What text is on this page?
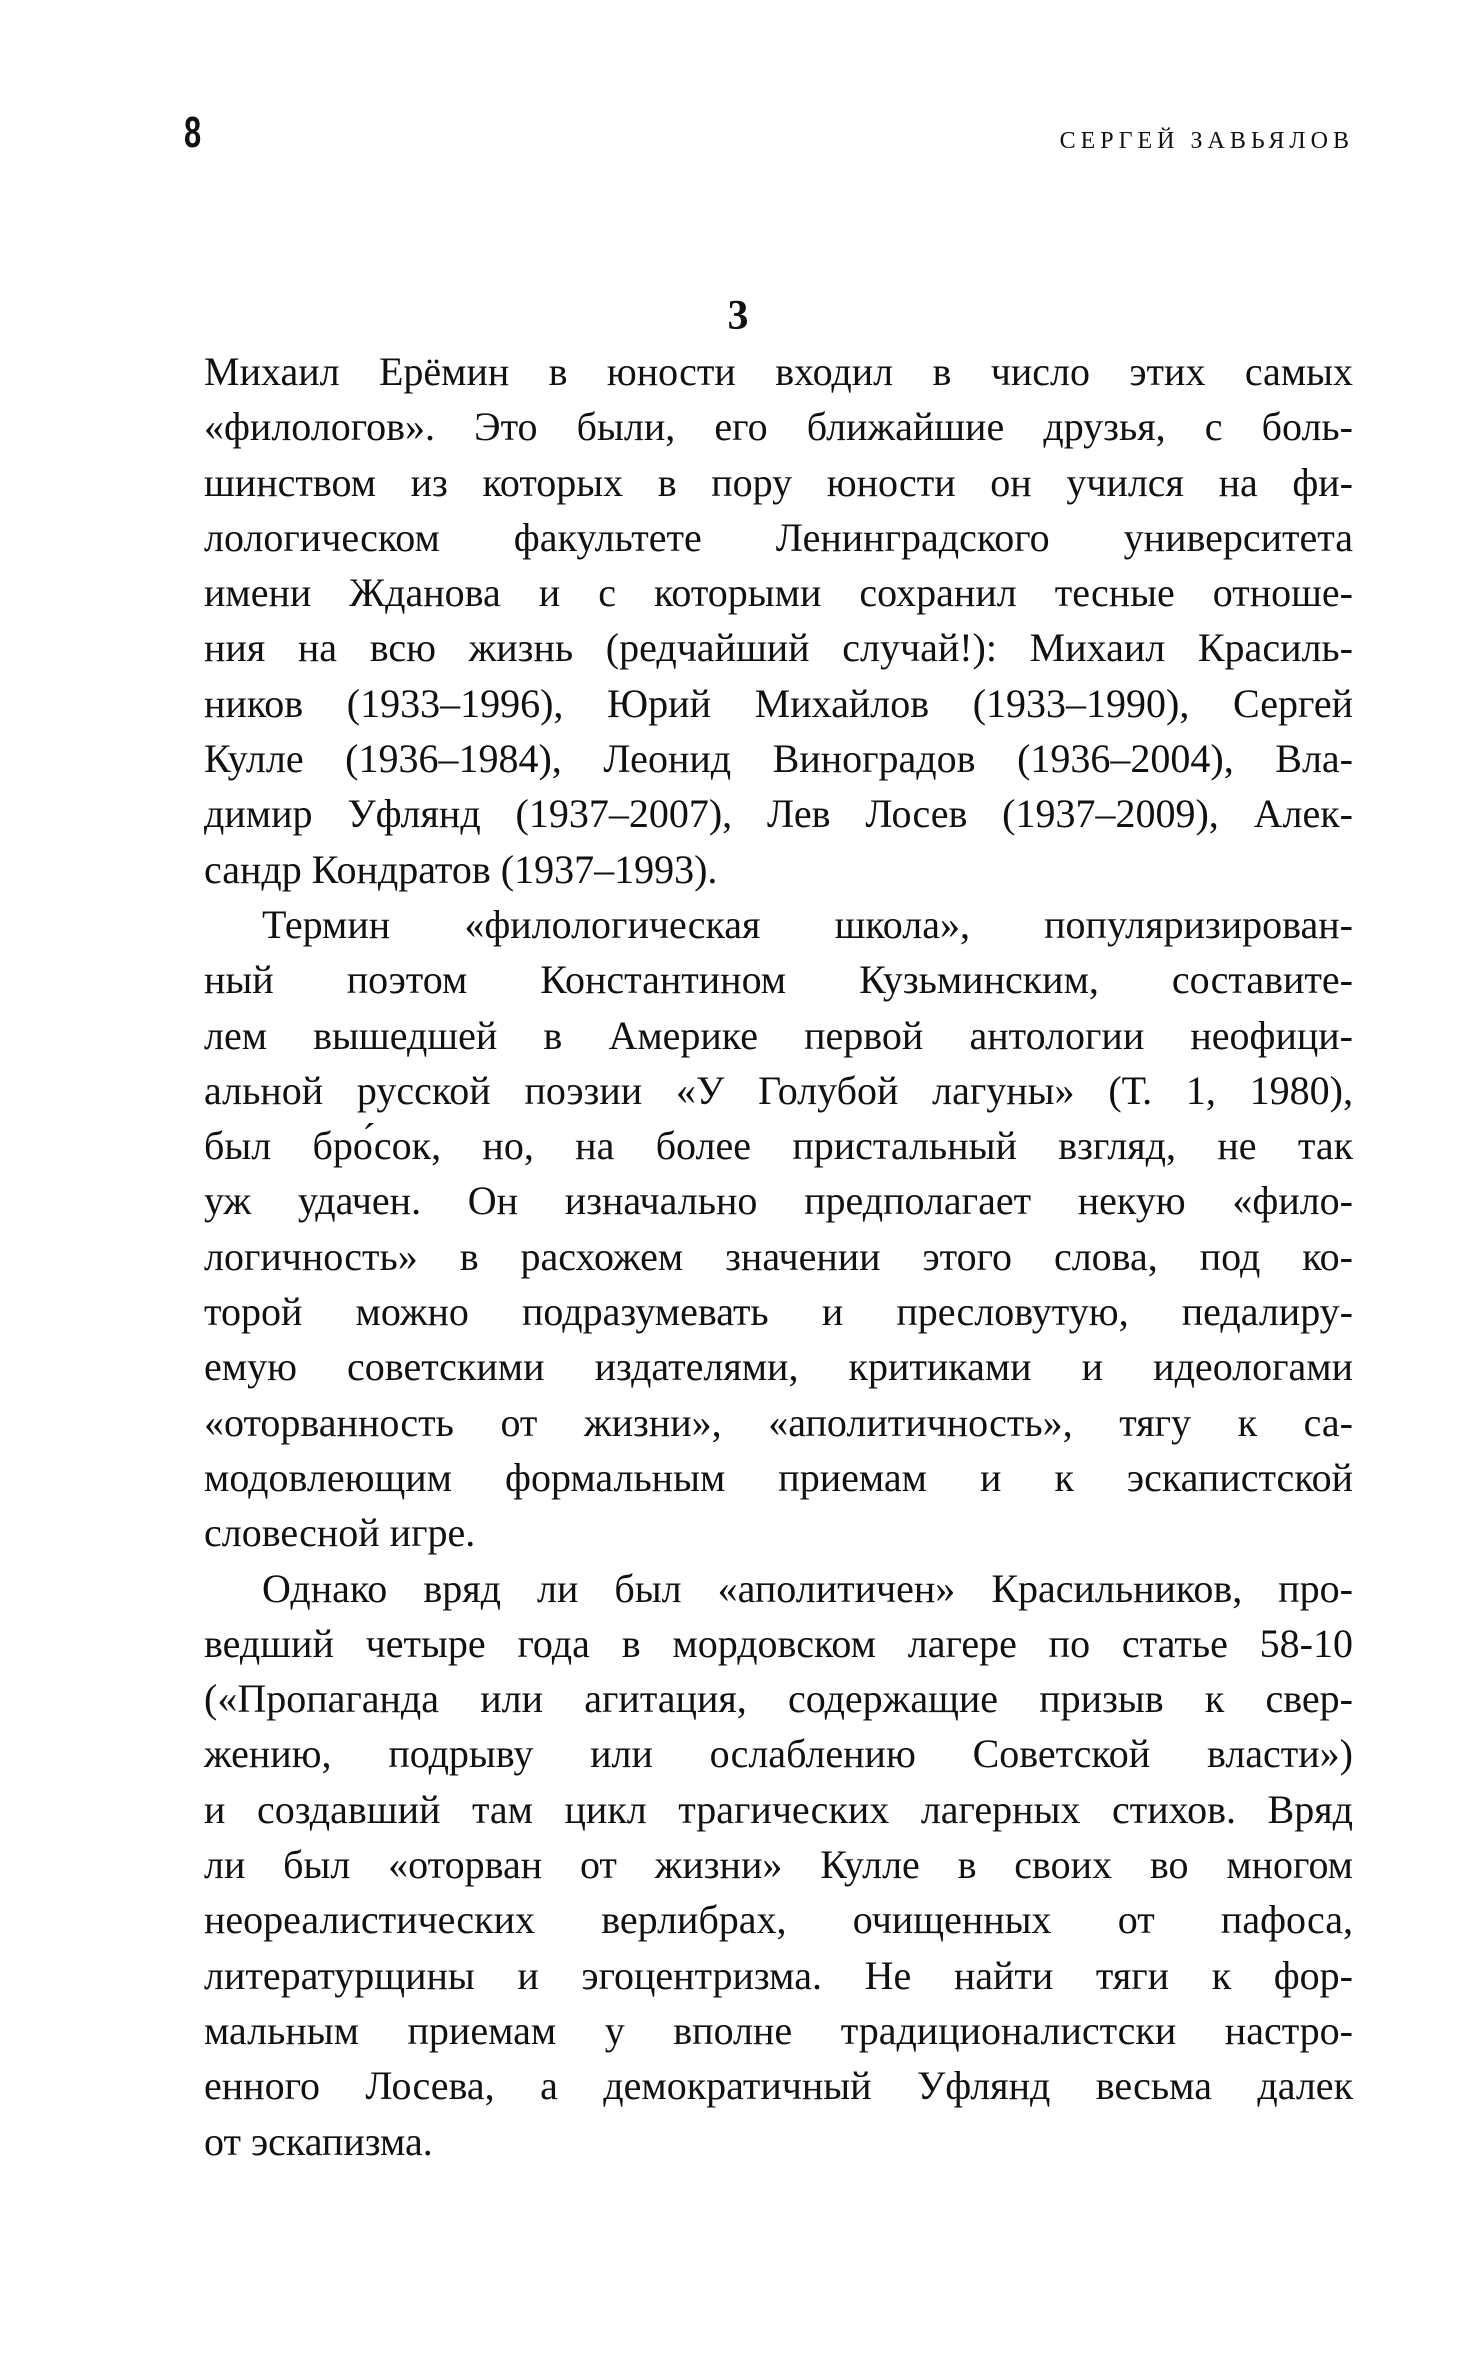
8	СЕРГЕЙ ЗАВЬЯЛОВ
3
Михаил Ерёмин в юности входил в число этих самых
«филологов». Это были, его ближайшие друзья, с боль-
шинством из которых в пору юности он учился на фи-
лологическом факультете Ленинградского университета
имени Жданова и с которыми сохранил тесные отноше-
ния на всю жизнь (редчайший случай!): Михаил Красиль-
ников (1933–1996), Юрий Михайлов (1933–1990), Сергей
Кулле (1936–1984), Леонид Виноградов (1936–2004), Вла-
димир Уфлянд (1937–2007), Лев Лосев (1937–2009), Алек-
сандр Кондратов (1937–1993).
Термин «филологическая школа», популяризирован-
ный поэтом Константином Кузьминским, составите-
лем вышедшей в Америке первой антологии неофици-
альной русской поэзии «У Голубой лагуны» (Т. 1, 1980),
был бро́сок, но, на более пристальный взгляд, не так
уж удачен. Он изначально предполагает некую «фило-
логичность» в расхожем значении этого слова, под ко-
торой можно подразумевать и пресловутую, педалиру-
емую советскими издателями, критиками и идеологами
«оторванность от жизни», «аполитичность», тягу к са-
модовлеющим формальным приемам и к эскапистской
словесной игре.
Однако вряд ли был «аполитичен» Красильников, про-
ведший четыре года в мордовском лагере по статье 58-10
(«Пропаганда или агитация, содержащие призыв к свер-
жению, подрыву или ослаблению Советской власти»)
и создавший там цикл трагических лагерных стихов. Вряд
ли был «оторван от жизни» Кулле в своих во многом
неореалистических верлибрах, очищенных от пафоса,
литературщины и эгоцентризма. Не найти тяги к фор-
мальным приемам у вполне традиционалистски настро-
енного Лосева, а демократичный Уфлянд весьма далек
от эскапизма.
